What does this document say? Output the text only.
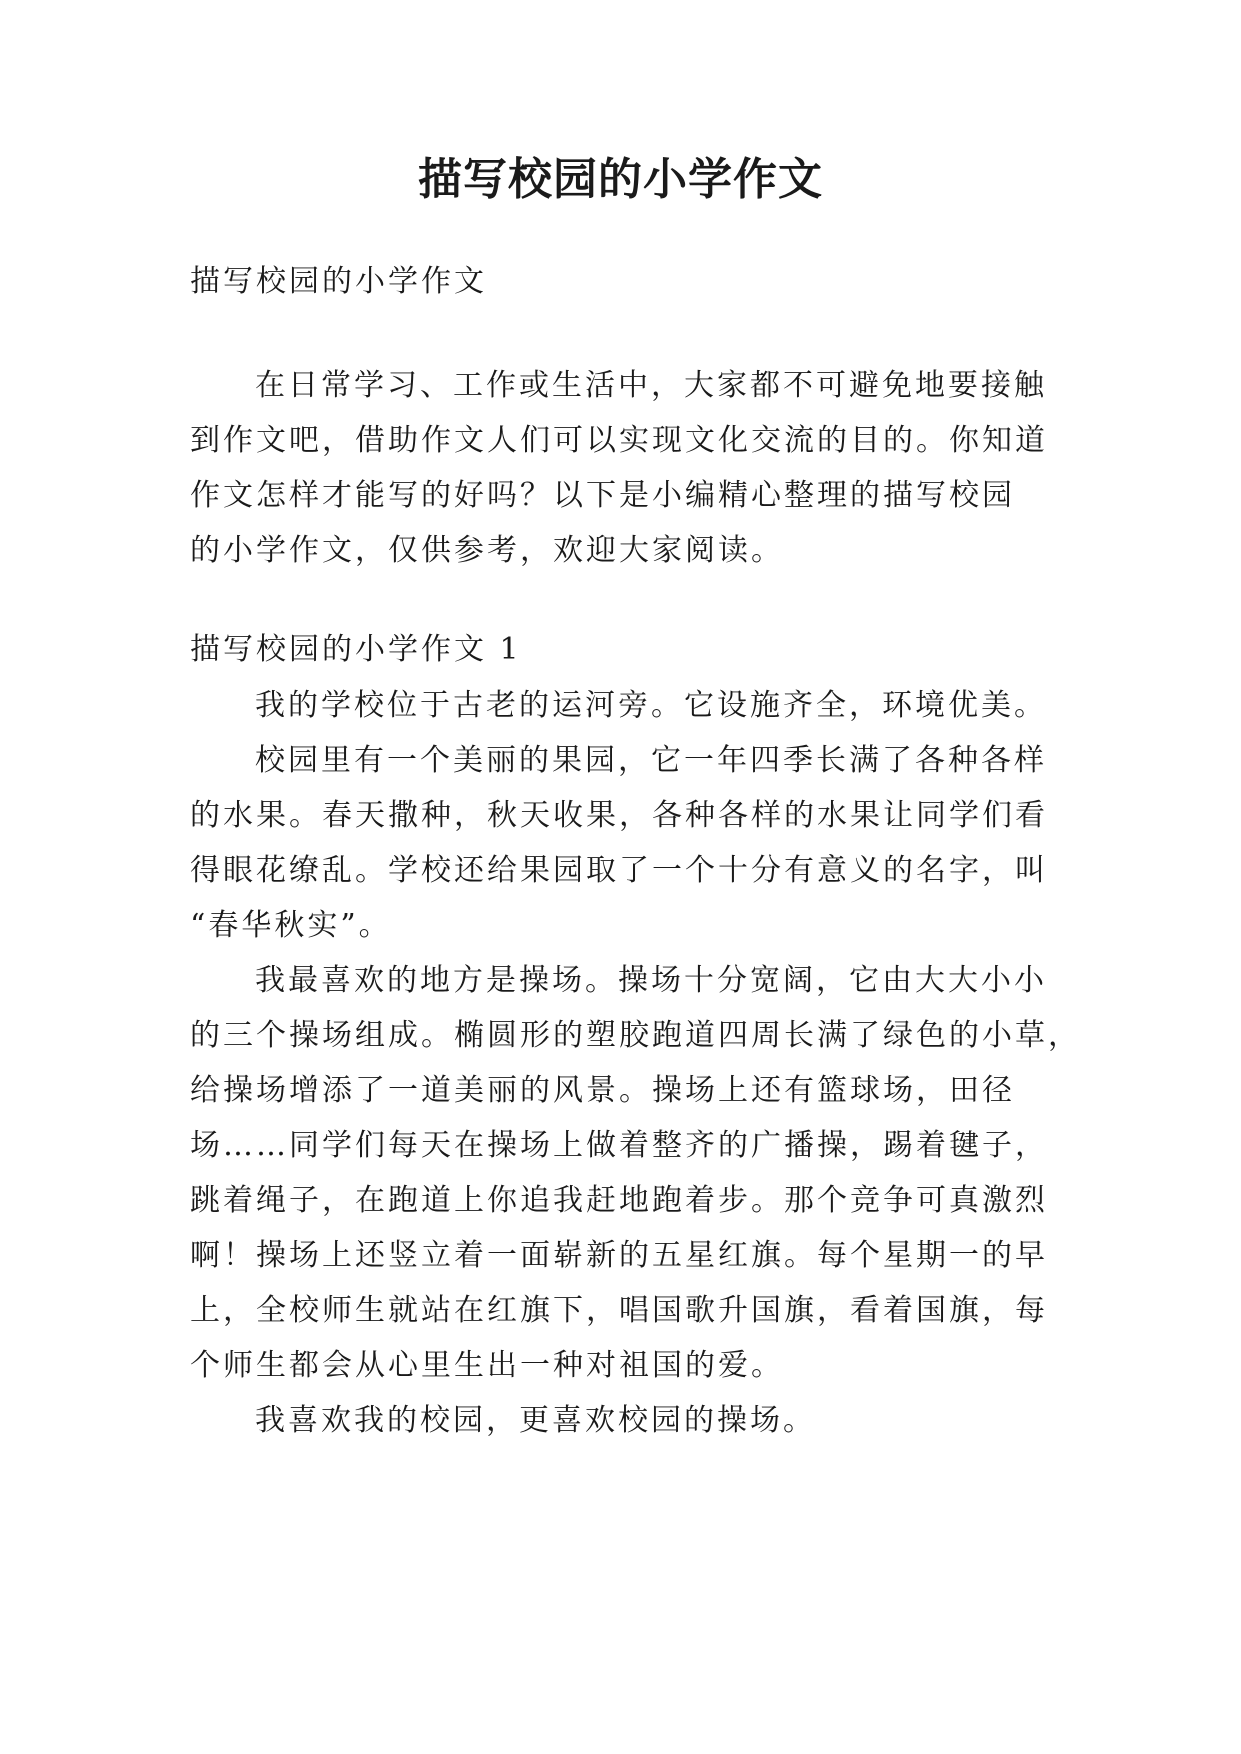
描写校园的小学作文

描写校园的小学作文

在日常学习、工作或生活中，大家都不可避免地要接触

到作文吧，借助作文人们可以实现文化交流的目的。你知道

作文怎样才能写的好吗？以下是小编精心整理的描写校园

的小学作文，仅供参考，欢迎大家阅读。

描写校园的小学作文 1

我的学校位于古老的运河旁。它设施齐全，环境优美。

校园里有一个美丽的果园，它一年四季长满了各种各样

的水果。春天撒种，秋天收果，各种各样的水果让同学们看

得眼花缭乱。学校还给果园取了一个十分有意义的名字，叫

“春华秋实”。

我最喜欢的地方是操场。操场十分宽阔，它由大大小小

的三个操场组成。椭圆形的塑胶跑道四周长满了绿色的小草，

给操场增添了一道美丽的风景。操场上还有篮球场，田径

场……同学们每天在操场上做着整齐的广播操，踢着毽子，

跳着绳子，在跑道上你追我赶地跑着步。那个竞争可真激烈

啊！操场上还竖立着一面崭新的五星红旗。每个星期一的早

上，全校师生就站在红旗下，唱国歌升国旗，看着国旗，每

个师生都会从心里生出一种对祖国的爱。

我喜欢我的校园，更喜欢校园的操场。
